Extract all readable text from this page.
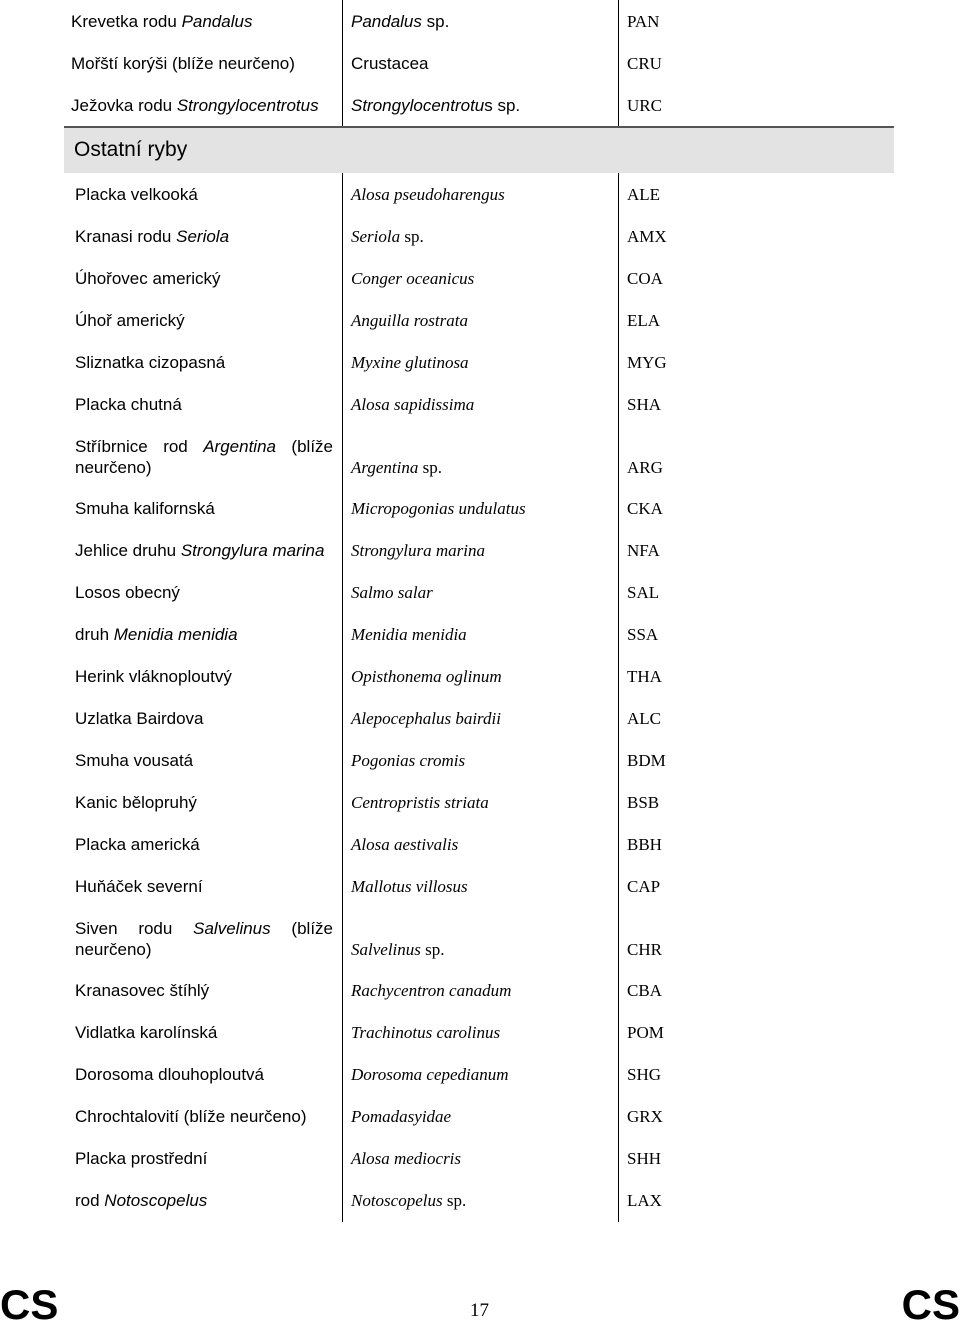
Krevetka rodu Pandalus	Pandalus sp.	PAN
Mořští korýši (blíže neurčeno)	Crustacea	CRU
Ježovka rodu Strongylocentrotus	Strongylocentrotus sp.	URC
Ostatní ryby
Placka velkooká	Alosa pseudoharengus	ALE
Kranasi rodu Seriola	Seriola sp.	AMX
Úhořovec americký	Conger oceanicus	COA
Úhoř americký	Anguilla rostrata	ELA
Sliznatka cizopasná	Myxine glutinosa	MYG
Placka chutná	Alosa sapidissima	SHA
Stříbrnice rod Argentina (blíže neurčeno)	Argentina sp.	ARG
Smuha kalifornská	Micropogonias undulatus	CKA
Jehlice druhu Strongylura marina	Strongylura marina	NFA
Losos obecný	Salmo salar	SAL
druh Menidia menidia	Menidia menidia	SSA
Herink vláknoploutvý	Opisthonema oglinum	THA
Uzlatka Bairdova	Alepocephalus bairdii	ALC
Smuha vousatá	Pogonias cromis	BDM
Kanic bělopruhý	Centropristis striata	BSB
Placka americká	Alosa aestivalis	BBH
Huňáček severní	Mallotus villosus	CAP
Siven rodu Salvelinus (blíže neurčeno)	Salvelinus sp.	CHR
Kranasovec štíhlý	Rachycentron canadum	CBA
Vidlatka karolínská	Trachinotus carolinus	POM
Dorosoma dlouhoploutvá	Dorosoma cepedianum	SHG
Chrochtalovití (blíže neurčeno)	Pomadasyidae	GRX
Placka prostřední	Alosa mediocris	SHH
rod Notoscopelus	Notoscopelus sp.	LAX
CS	17	CS
